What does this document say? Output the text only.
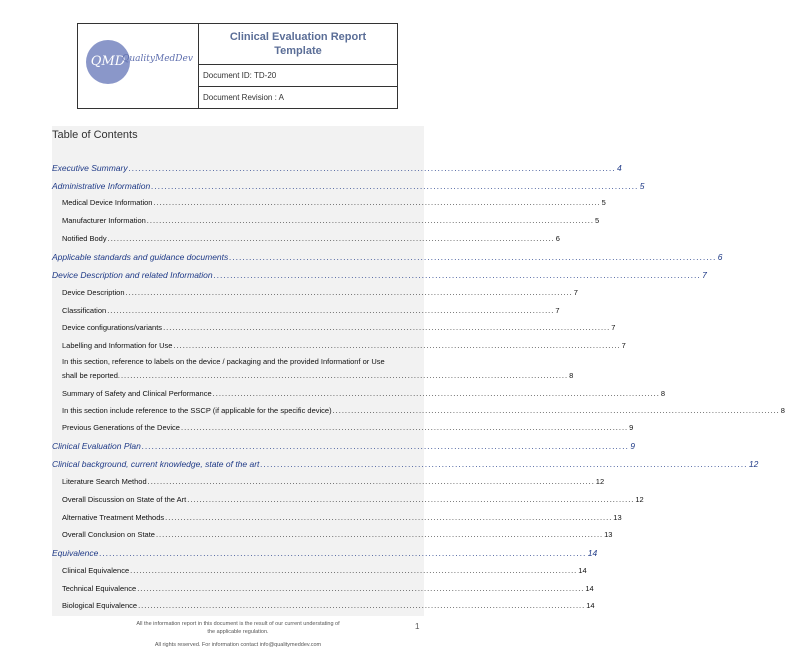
QMD
QualityMedDev

Clinical Evaluation Report
Template

Document ID: TD-20
Document Revision : A
Table of Contents
Executive Summary ................................................................................................................................................. 4
Administrative Information ................................................................................................................................................. 5
Medical Device Information ................................................................................................................................................. 5
Manufacturer Information ................................................................................................................................................. 5
Notified Body ................................................................................................................................................. 6
Applicable standards and guidance documents ................................................................................................................................................. 6
Device Description and related Information ................................................................................................................................................. 7
Device Description ................................................................................................................................................. 7
Classification ................................................................................................................................................. 7
Device configurations/variants ................................................................................................................................................. 7
Labelling and Information for Use ................................................................................................................................................. 7
In this section, reference to labels on the device / packaging and the provided Informationf or Use
shall be reported. ................................................................................................................................................. 8
Summary of Safety and Clinical Performance ................................................................................................................................................. 8
In this section include reference to the SSCP (if applicable for the specific device) ................................................................................................................................................. 8
Previous Generations of the Device ................................................................................................................................................. 9
Clinical Evaluation Plan ................................................................................................................................................. 9
Clinical background, current knowledge, state of the art ................................................................................................................................................. 12
Literature Search Method ................................................................................................................................................. 12
Overall Discussion on State of the Art ................................................................................................................................................. 12
Alternative Treatment Methods ................................................................................................................................................. 13
Overall Conclusion on State ................................................................................................................................................. 13
Equivalence ................................................................................................................................................. 14
Clinical Equivalence ................................................................................................................................................. 14
Technical Equivalence ................................................................................................................................................. 14
Biological Equivalence ................................................................................................................................................. 14
All the information report in this document is the result of our current understating of
the applicable regulation.
All rights reserved. For information contact info@qualitymeddev.com
1
